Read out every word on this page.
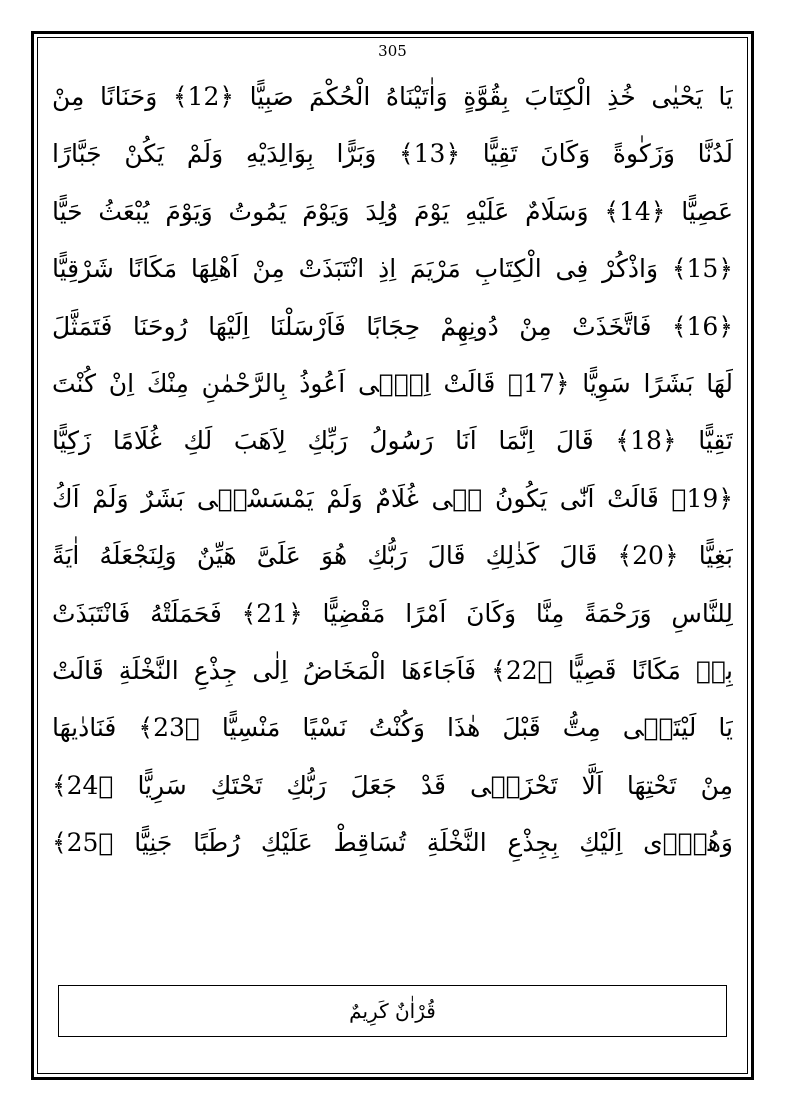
305
يَا يَحْيٰى خُذِ الْكِتَابَ بِقُوَّةٍ وَاٰتَيْنَاهُ الْحُكْمَ صَبِيًّا ﴿12﴾ وَحَنَانًا مِنْ
لَدُنَّا وَزَكٰوةً وَكَانَ تَقِيًّا ﴿13﴾ وَبَرًّا بِوَالِدَيْهِ وَلَمْ يَكُنْ جَبَّارًا
عَصِيًّا ﴿14﴾ وَسَلَامٌ عَلَيْهِ يَوْمَ وُلِدَ وَيَوْمَ يَمُوتُ وَيَوْمَ يُبْعَثُ حَيًّا
﴿15﴾ وَاذْكُرْ فِى الْكِتَابِ مَرْيَمَ اِذِ انْتَبَذَتْ مِنْ اَهْلِهَا مَكَانًا شَرْقِيًّا
﴿16﴾ فَاتَّخَذَتْ مِنْ دُونِهِمْ حِجَابًا فَاَرْسَلْنَا اِلَيْهَا رُوحَنَا فَتَمَثَّلَ
لَهَا بَشَرًا سَوِيًّا ﴿17﴾ قَالَتْ اِنّٖى اَعُوذُ بِالرَّحْمٰنِ مِنْكَ اِنْ كُنْتَ
تَقِيًّا ﴿18﴾ قَالَ اِنَّمَا اَنَا رَسُولُ رَبِّكِ لِاَهَبَ لَكِ غُلَامًا زَكِيًّا
﴿19﴾ قَالَتْ اَنّٰى يَكُونُ لٖى غُلَامٌ وَلَمْ يَمْسَسْنٖى بَشَرٌ وَلَمْ اَكُ
بَغِيًّا ﴿20﴾ قَالَ كَذٰلِكِ قَالَ رَبُّكِ هُوَ عَلَىَّ هَيِّنٌ وَلِنَجْعَلَهُ اٰيَةً
لِلنَّاسِ وَرَحْمَةً مِنَّا وَكَانَ اَمْرًا مَقْضِيًّا ﴿21﴾ فَحَمَلَتْهُ فَانْتَبَذَتْ
بِهٖ مَكَانًا قَصِيًّا ﴿22﴾ فَاَجَاءَهَا الْمَخَاضُ اِلٰى جِذْعِ النَّخْلَةِ قَالَتْ
يَا لَيْتَنٖى مِتُّ قَبْلَ هٰذَا وَكُنْتُ نَسْيًا مَنْسِيًّا ﴿23﴾ فَنَادٰيهَا
مِنْ تَحْتِهَا اَلَّا تَحْزَنٖى قَدْ جَعَلَ رَبُّكِ تَحْتَكِ سَرِيًّا ﴿24﴾
وَهُزّٖى اِلَيْكِ بِجِذْعِ النَّخْلَةِ تُسَاقِطْ عَلَيْكِ رُطَبًا جَنِيًّا ﴿25﴾
قُرْاٰنٌ كَرِيمٌ
